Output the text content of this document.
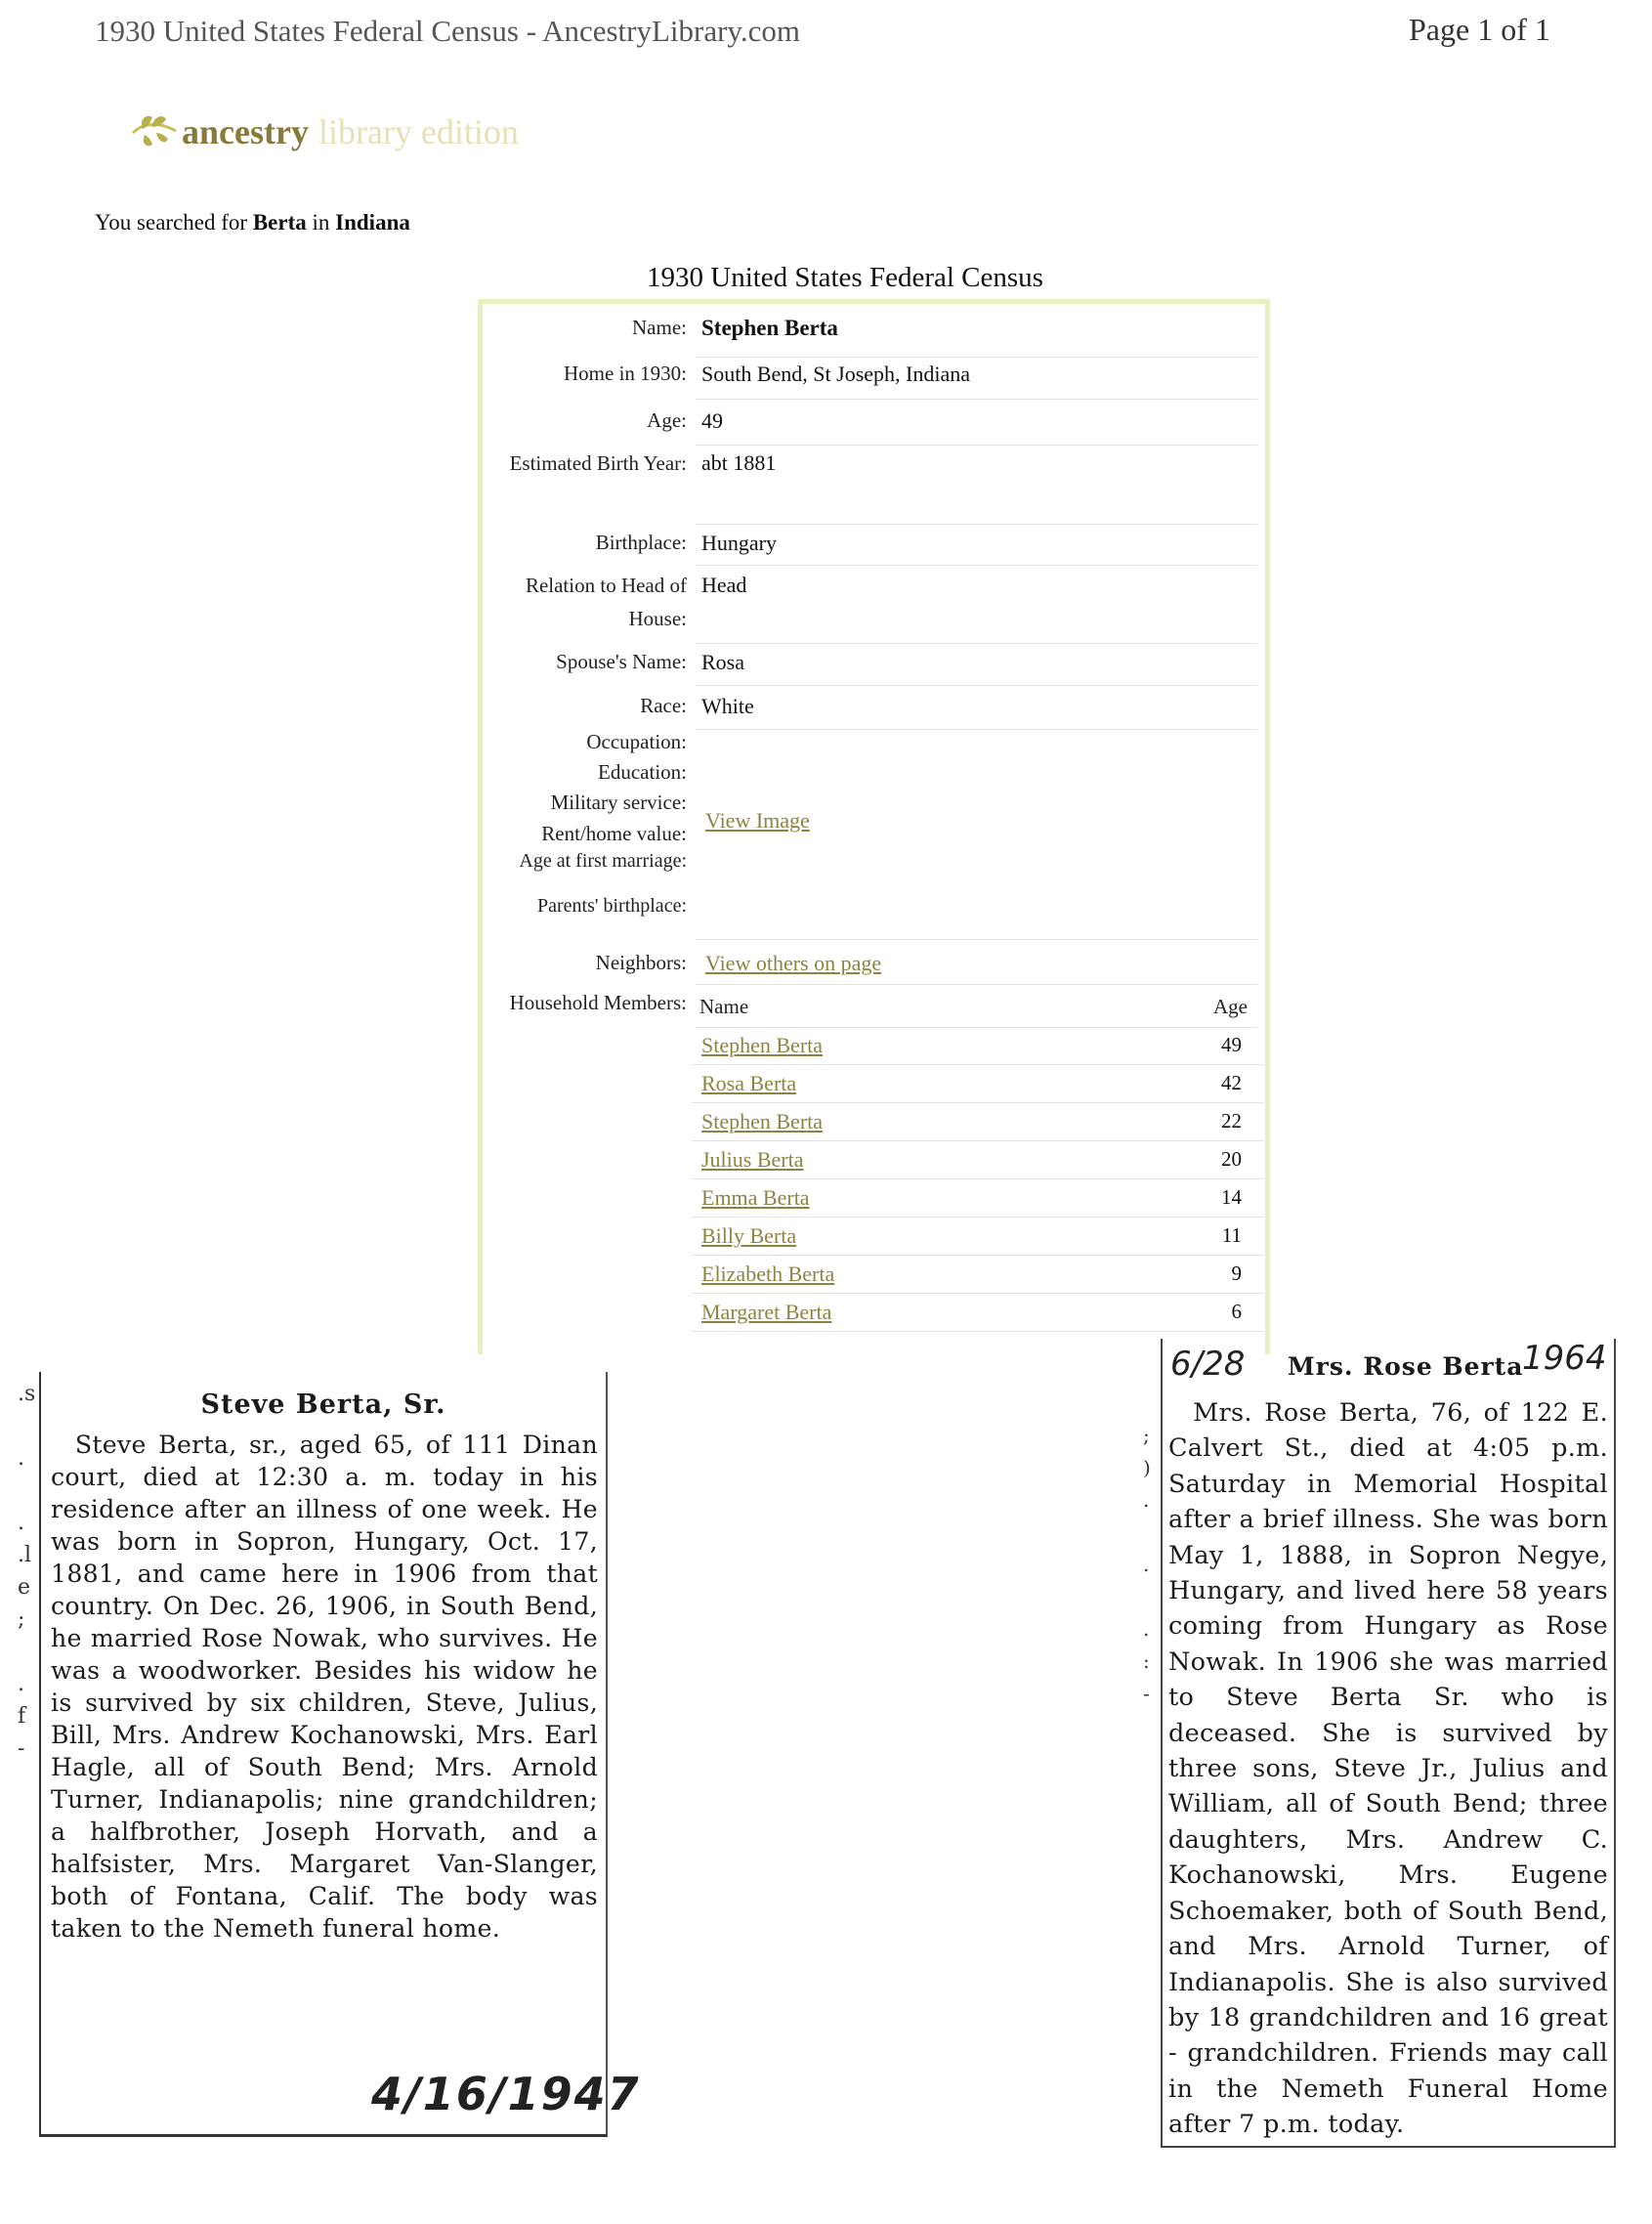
1930 United States Federal Census - AncestryLibrary.com	Page 1 of 1
ancestry library edition
You searched for Berta in Indiana
1930 United States Federal Census
Name: Stephen Berta
Home in 1930: South Bend, St Joseph, Indiana
Age: 49
Estimated Birth Year: abt 1881
Birthplace: Hungary
Relation to Head of House:
Head
Spouse's Name: Rosa
Race: White
Occupation:
Education:
Military service:
Rent/home value:
Age at first marriage:
Parents' birthplace:
View Image
Neighbors: View others on page
Household Members: Name	Age
Stephen Berta	49
Rosa Berta	42
Stephen Berta	22
Julius Berta	20
Emma Berta	14
Billy Berta	11
Elizabeth Berta	9
Margaret Berta	6
.s

.

.
.l
e
;

.
f
-
Steve Berta, Sr.
Steve Berta, sr., aged 65, of 111 Dinan court, died at 12:30 a. m. today in his residence after an illness of one week. He was born in Sopron, Hungary, Oct. 17, 1881, and came here in 1906 from that country. On Dec. 26, 1906, in South Bend, he married Rose Nowak, who survives. He was a woodworker. Besides his widow he is survived by six children, Steve, Julius, Bill, Mrs. Andrew Kochanowski, Mrs. Earl Hagle, all of South Bend; Mrs. Arnold Turner, Indianapolis; nine grandchildren; a halfbrother, Joseph Horvath, and a halfsister, Mrs. Margaret Van-Slanger, both of Fontana, Calif. The body was taken to the Nemeth funeral home.
4/16/1947

;
)
.

.

.
:
-
6/28 Mrs. Rose Berta
1964
Mrs. Rose Berta, 76, of 122 E. Calvert St., died at 4:05 p.m. Saturday in Memorial Hospital after a brief illness. She was born May 1, 1888, in Sopron Negye, Hungary, and lived here 58 years coming from Hungary as Rose Nowak. In 1906 she was married to Steve Berta Sr. who is deceased. She is survived by three sons, Steve Jr., Julius and William, all of South Bend; three daughters, Mrs. Andrew C. Kochanowski, Mrs. Eugene Schoemaker, both of South Bend, and Mrs. Arnold Turner, of Indianapolis. She is also survived by 18 grandchildren and 16 great - grandchildren. Friends may call in the Nemeth Funeral Home after 7 p.m. today.
